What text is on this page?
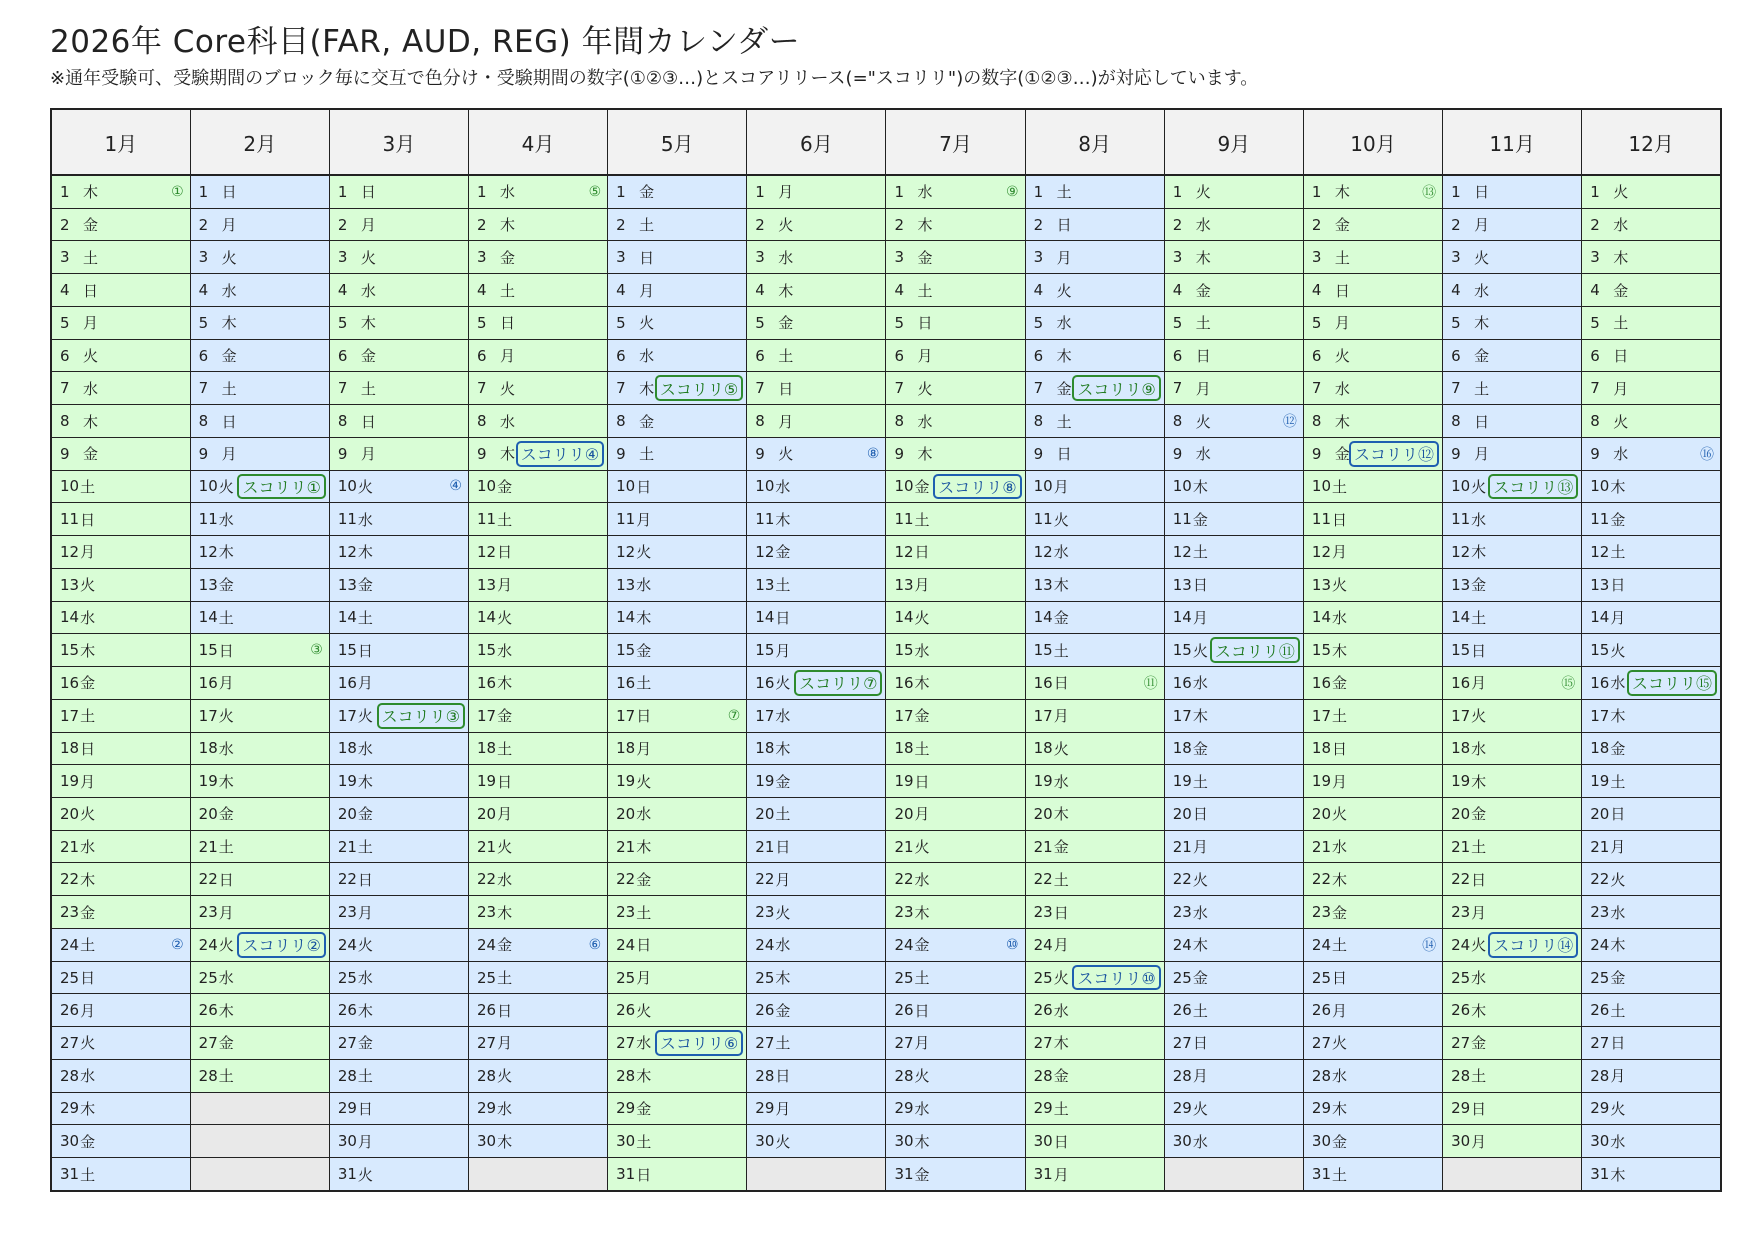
2026年 Core科目(FAR, AUD, REG) 年間カレンダー
※通年受験可、受験期間のブロック毎に交互で色分け・受験期間の数字(①②③…)とスコアリリース(="スコリリ")の数字(①②③…)が対応しています。
1月	2月	3月	4月	5月	6月	7月	8月	9月	10月	11月	12月

1 木 ①	1 日	1 日	1 水 ⑤	1 金	1 月	1 水 ⑨	1 土	1 火	1 木 ⑬	1 日	1 火

2 金	2 月	2 月	2 木	2 土	2 火	2 木	2 日	2 水	2 金	2 月	2 水

3 土	3 火	3 火	3 金	3 日	3 水	3 金	3 月	3 木	3 土	3 火	3 木

4 日	4 水	4 水	4 土	4 月	4 木	4 土	4 火	4 金	4 日	4 水	4 金

5 月	5 木	5 木	5 日	5 火	5 金	5 日	5 水	5 土	5 月	5 木	5 土

6 火	6 金	6 金	6 月	6 水	6 土	6 月	6 木	6 日	6 火	6 金	6 日

7 水	7 土	7 土	7 火	7 木 スコリリ⑤	7 日	7 火	7 金 スコリリ⑨	7 月	7 水	7 土	7 月

8 木	8 日	8 日	8 水	8 金	8 月	8 水	8 土	8 火 ⑫	8 木	8 日	8 火

9 金	9 月	9 月	9 木 スコリリ④	9 土	9 火 ⑧	9 木	9 日	9 水	9 金 スコリリ⑫	9 月	9 水 ⑯

10 土	10 火 スコリリ①	10 火 ④	10 金	10 日	10 水	10 金 スコリリ⑧	10 月	10 木	10 土	10 火 スコリリ⑬	10 木

11 日	11 水	11 水	11 土	11 月	11 木	11 土	11 火	11 金	11 日	11 水	11 金

12 月	12 木	12 木	12 日	12 火	12 金	12 日	12 水	12 土	12 月	12 木	12 土

13 火	13 金	13 金	13 月	13 水	13 土	13 月	13 木	13 日	13 火	13 金	13 日

14 水	14 土	14 土	14 火	14 木	14 日	14 火	14 金	14 月	14 水	14 土	14 月

15 木	15 日 ③	15 日	15 水	15 金	15 月	15 水	15 土	15 火 スコリリ⑪	15 木	15 日	15 火

16 金	16 月	16 月	16 木	16 土	16 火 スコリリ⑦	16 木	16 日 ⑪	16 水	16 金	16 月 ⑮	16 水 スコリリ⑮

17 土	17 火	17 火 スコリリ③	17 金	17 日 ⑦	17 水	17 金	17 月	17 木	17 土	17 火	17 木

18 日	18 水	18 水	18 土	18 月	18 木	18 土	18 火	18 金	18 日	18 水	18 金

19 月	19 木	19 木	19 日	19 火	19 金	19 日	19 水	19 土	19 月	19 木	19 土

20 火	20 金	20 金	20 月	20 水	20 土	20 月	20 木	20 日	20 火	20 金	20 日

21 水	21 土	21 土	21 火	21 木	21 日	21 火	21 金	21 月	21 水	21 土	21 月

22 木	22 日	22 日	22 水	22 金	22 月	22 水	22 土	22 火	22 木	22 日	22 火

23 金	23 月	23 月	23 木	23 土	23 火	23 木	23 日	23 水	23 金	23 月	23 水

24 土 ②	24 火 スコリリ②	24 火	24 金 ⑥	24 日	24 水	24 金 ⑩	24 月	24 木	24 土 ⑭	24 火 スコリリ⑭	24 木

25 日	25 水	25 水	25 土	25 月	25 木	25 土	25 火 スコリリ⑩	25 金	25 日	25 水	25 金

26 月	26 木	26 木	26 日	26 火	26 金	26 日	26 水	26 土	26 月	26 木	26 土

27 火	27 金	27 金	27 月	27 水 スコリリ⑥	27 土	27 月	27 木	27 日	27 火	27 金	27 日

28 水	28 土	28 土	28 火	28 木	28 日	28 火	28 金	28 月	28 水	28 土	28 月

29 木		29 日	29 水	29 金	29 月	29 水	29 土	29 火	29 木	29 日	29 火

30 金		30 月	30 木	30 土	30 火	30 木	30 日	30 水	30 金	30 月	30 水

31 土		31 火		31 日		31 金	31 月		31 土		31 木
